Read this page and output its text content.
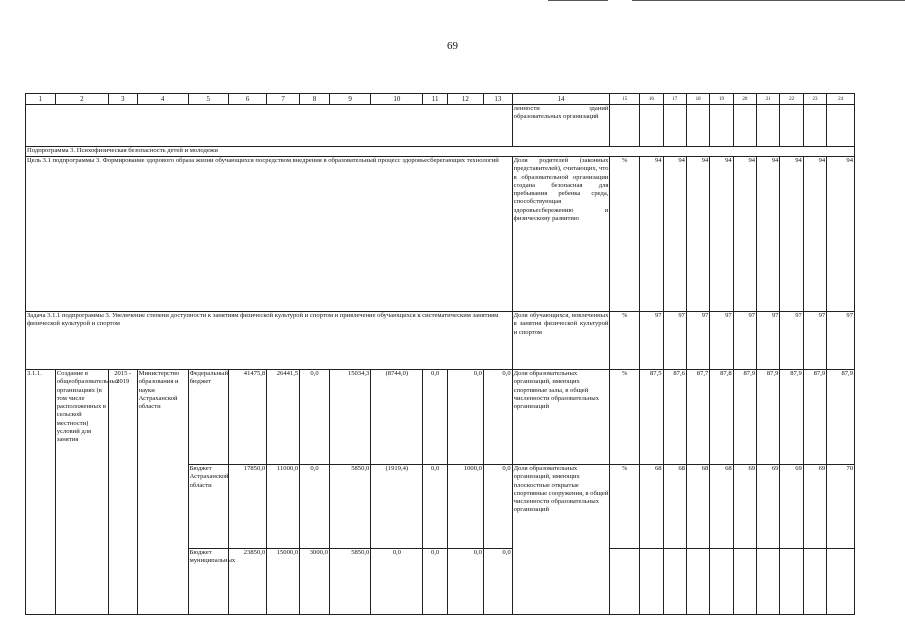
69
1	2	3	4	5	6	7	8	9	10	11	12	13	14	15	16	17	18	19	20	21	22	23	24
													ленности зданий образовательных организаций										
Подпрограмма 3. Психофизическая безопасность детей и молодежи																							
Цель 3.1 подпрограммы 3. Формирование здорового образа жизни обучающихся посредством внедрения в образовательный процесс здоровьесберегающих технологий													Доля родителей (законных представителей), считающих, что в образовательной организации создана безопасная для пребывания ребенка среда, способствующая здоровьесбережению и физическому развитию	%	94	94	94	94	94	94	94	94	94
Задача 3.1.1 подпрограммы 3. Увеличение степени доступности к занятиям физической культурой и спортом и привлечение обучающихся к систематическим занятиям физической культурой и спортом													Доля обучающихся, вовлеченных в занятия физической культурой и спортом	%	97	97	97	97	97	97	97	97	97
3.1.1.	Создание в общеобразовательных организациях (в том числе расположенных в сельской местности) условий для занятия	2015 - 2019	Министерство образования и науки Астраханской области	Федеральный бюджет	41475,8	26441,5	0,0	15034,3	(8744,0)	0,0	0,0	0,0	Доля образовательных организаций, имеющих спортивные залы, в общей численности образовательных организаций	%	87,5	87,6	87,7	87,8	87,9	87,9	87,9	87,9	87,9
				Бюджет Астраханской области	17850,0	11000,0	0,0	5850,0	(1919,4)	0,0	1000,0	0,0	Доля образовательных организаций, имеющих плоскостные открытые спортивные сооружения, в общей численности образовательных организаций	%	68	68	68	68	69	69	69	69	70
				Бюджет муниципальных	23850,0	15000,0	3000,0	5850,0	0,0	0,0	0,0	0,0											
